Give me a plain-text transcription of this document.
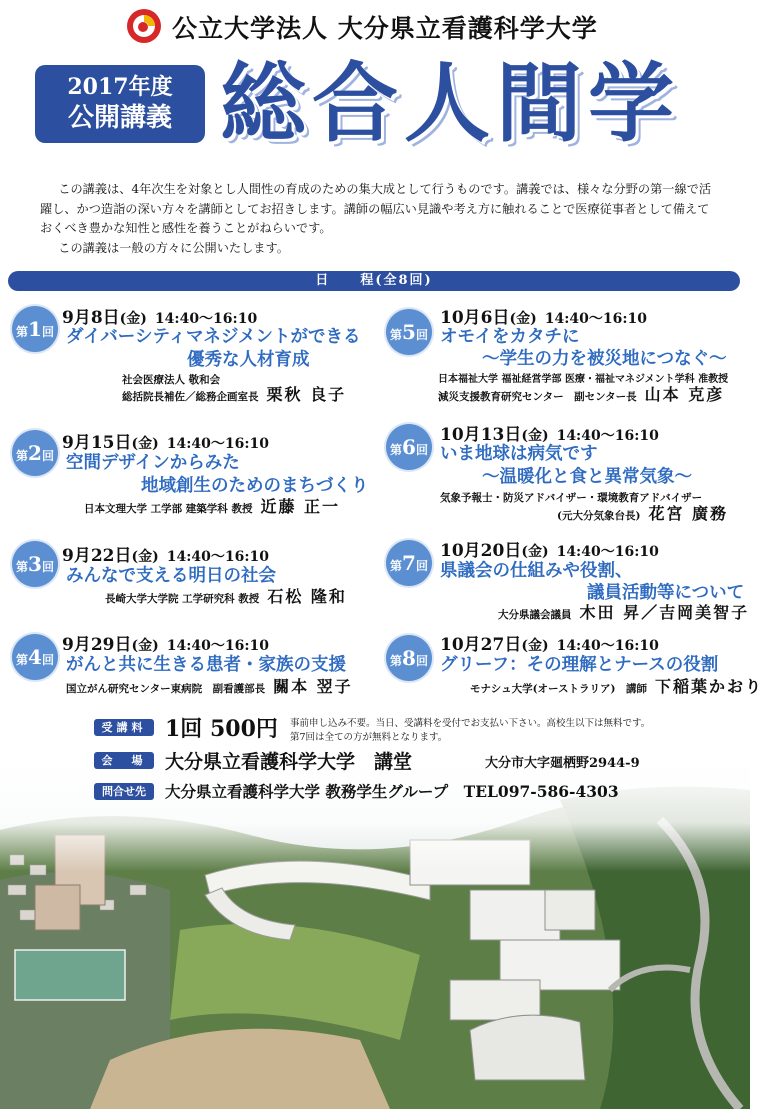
公立大学法人 大分県立看護科学大学
2017年度
公開講義 総合人間学

この講義は、4年次生を対象とし人間性の育成のための集大成として行うものです。講義では、様々な分野の第一線で活躍し、かつ造詣の深い方々を講師としてお招きします。講師の幅広い見識や考え方に触れることで医療従事者として備えておくべき豊かな知性と感性を養うことがねらいです。

この講義は一般の方々に公開いたします。

日　　程(全8回)
第1回
9月8日(金) 14:40〜16:10
ダイバーシティマネジメントができる
優秀な人材育成
社会医療法人 敬和会
総括院長補佐／総務企画室長 栗秋 良子
第2回
9月15日(金) 14:40〜16:10
空間デザインからみた
地域創生のためのまちづくり
日本文理大学 工学部 建築学科 教授 近藤 正一
第3回
9月22日(金) 14:40〜16:10
みんなで支える明日の社会
長崎大学大学院 工学研究科 教授 石松 隆和
第4回
9月29日(金) 14:40〜16:10
がんと共に生きる患者・家族の支援
国立がん研究センター東病院　副看護部長 關本 翌子
第5回
10月6日(金) 14:40〜16:10
オモイをカタチに
〜学生の力を被災地につなぐ〜
日本福祉大学 福祉経営学部 医療・福祉マネジメント学科 准教授
減災支援教育研究センター　副センター長 山本 克彦
第6回
10月13日(金) 14:40〜16:10
いま地球は病気です
〜温暖化と食と異常気象〜
気象予報士・防災アドバイザー・環境教育アドバイザー
(元大分気象台長) 花宮 廣務
第7回
10月20日(金) 14:40〜16:10
県議会の仕組みや役割、
議員活動等について
大分県議会議員 木田 昇／吉岡美智子
第8回
10月27日(金) 14:40〜16:10
グリーフ：その理解とナースの役割
モナシュ大学(オーストラリア)　講師 下稲葉かおり
受講料 1回 500円 事前申し込み不要。当日、受講料を受付でお支払い下さい。高校生以下は無料です。
第7回は全ての方が無料となります。
会　場 大分県立看護科学大学　講堂	大分市大字廻栖野2944-9
問合せ先	大分県立看護科学大学 教務学生グループ　TEL097-586-4303
